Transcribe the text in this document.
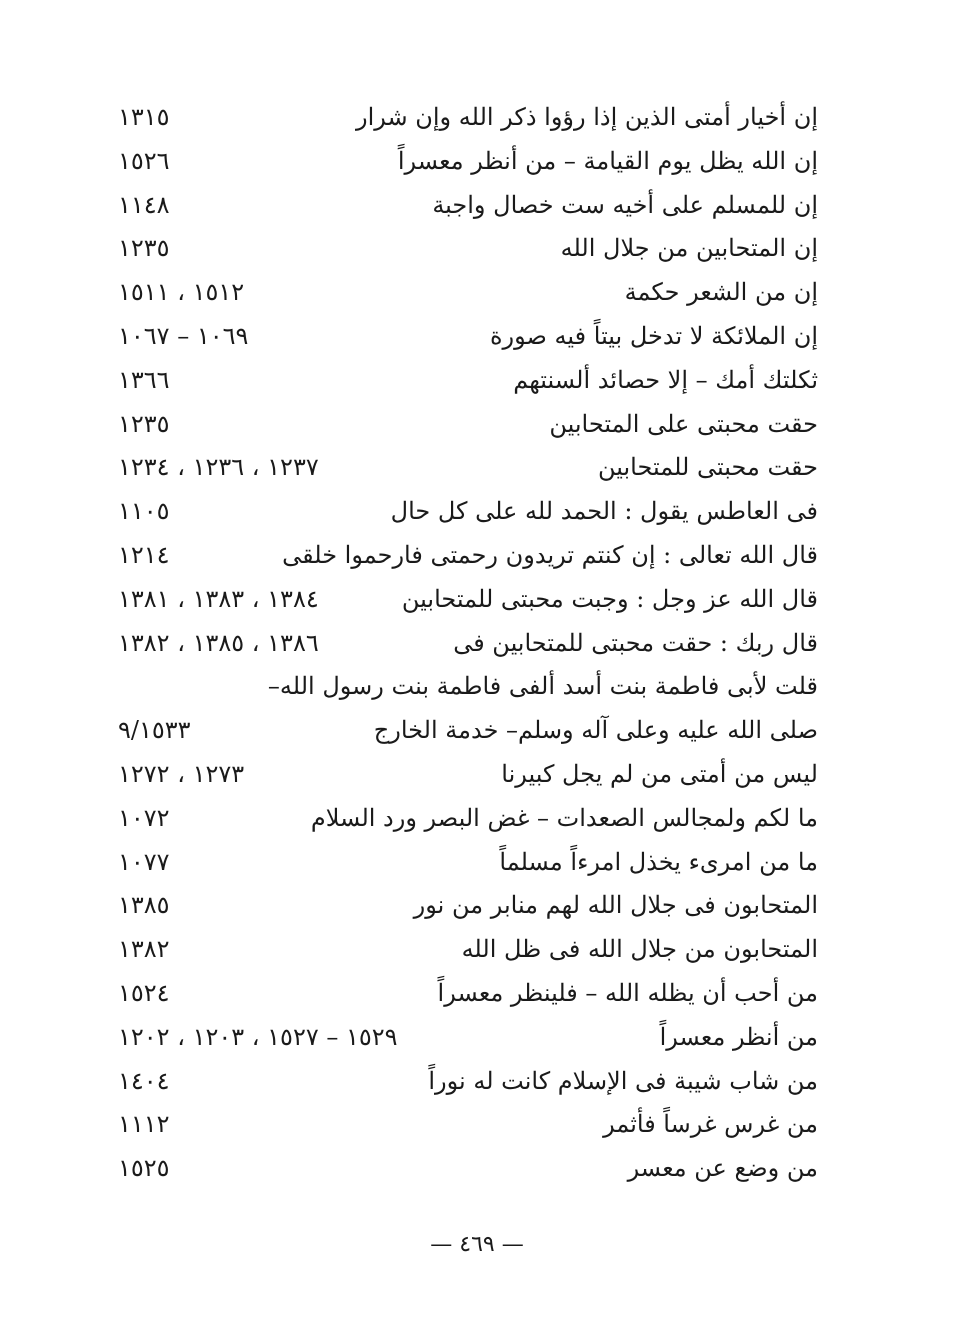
إن أخيار أمتى الذين إذا رؤوا ذكر الله وإن شرار
١٣١٥
إن الله يظل يوم القيامة – من أنظر معسراً
١٥٢٦
إن للمسلم على أخيه ست خصال واجبة
١١٤٨
إن المتحابين من جلال الله
١٢٣٥
إن من الشعر حكمة
١٥١٢ ، ١٥١١
إن الملائكة لا تدخل بيتاً فيه صورة
١٠٦٩ – ١٠٦٧
ثكلتك أمك – إلا حصائد ألسنتهم
١٣٦٦
حقت محبتى على المتحابين
١٢٣٥
حقت محبتى للمتحابين
١٢٣٧ ، ١٢٣٦ ، ١٢٣٤
فى العاطس يقول : الحمد لله على كل حال
١١٠٥
قال الله تعالى : إن كنتم تريدون رحمتى فارحموا خلقى
١٢١٤
قال الله عز وجل : وجبت محبتى للمتحابين
١٣٨٤ ، ١٣٨٣ ، ١٣٨١
قال ربك : حقت محبتى للمتحابين فى
١٣٨٦ ، ١٣٨٥ ، ١٣٨٢
قلت لأبى فاطمة بنت أسد ألفى فاطمة بنت رسول الله–
صلى الله عليه وعلى آله وسلم– خدمة الخارج
٩/١٥٣٣
ليس من أمتى من لم يجل كبيرنا
١٢٧٣ ، ١٢٧٢
ما لكم ولمجالس الصعدات – غض البصر ورد السلام
١٠٧٢
ما من امرىء يخذل امرءاً مسلماً
١٠٧٧
المتحابون فى جلال الله لهم منابر من نور
١٣٨٥
المتحابون من جلال الله فى ظل الله
١٣٨٢
من أحب أن يظله الله – فلينظر معسراً
١٥٢٤
من أنظر معسراً
١٥٢٩ – ١٥٢٧ ، ١٢٠٣ ، ١٢٠٢
من شاب شيبة فى الإسلام كانت له نوراً
١٤٠٤
من غرس غرساً فأثمر
١١١٢
من وضع عن معسر
١٥٢٥
— ٤٦٩ —
